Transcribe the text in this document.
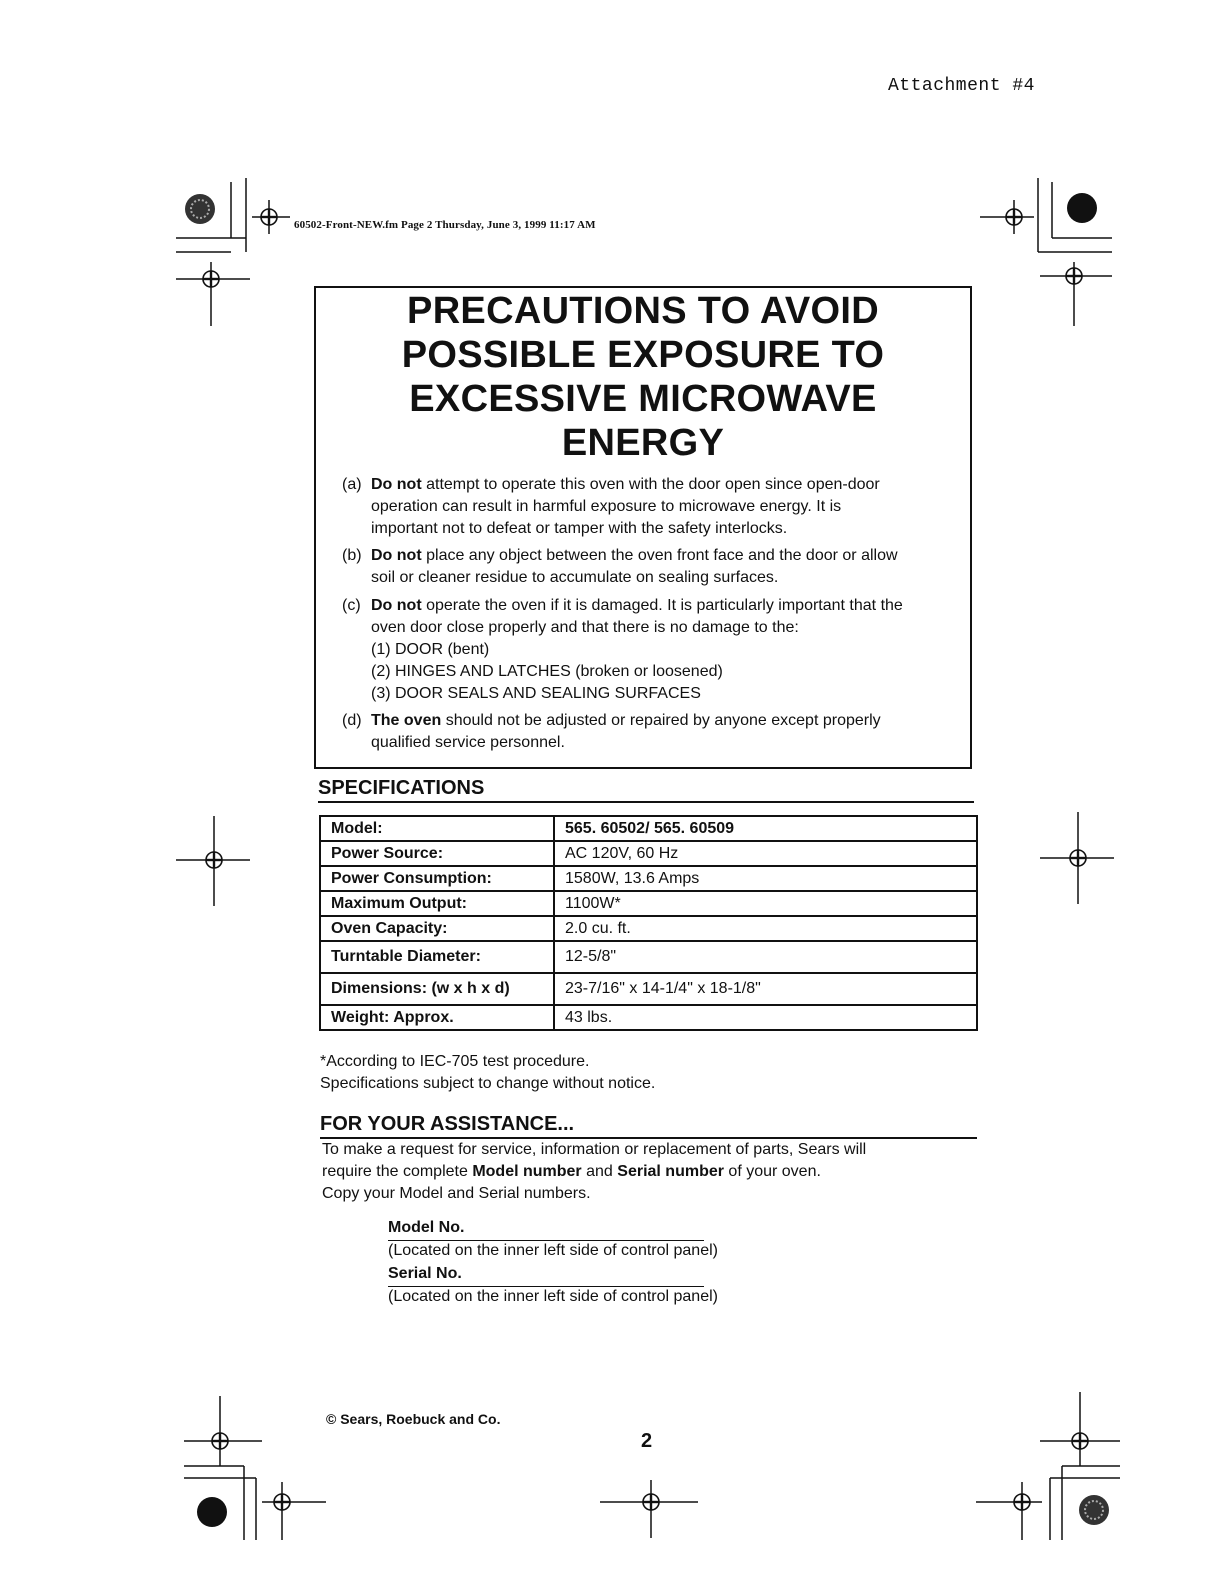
Attachment #4
60502-Front-NEW.fm Page 2 Thursday, June 3, 1999 11:17 AM
PRECAUTIONS TO AVOID
POSSIBLE EXPOSURE TO
EXCESSIVE MICROWAVE
ENERGY
(a) Do not attempt to operate this oven with the door open since open-door
operation can result in harmful exposure to microwave energy. It is
important not to defeat or tamper with the safety interlocks.
(b) Do not place any object between the oven front face and the door or allow
soil or cleaner residue to accumulate on sealing surfaces.
(c) Do not operate the oven if it is damaged. It is particularly important that the
oven door close properly and that there is no damage to the:
(1) DOOR (bent)
(2) HINGES AND LATCHES (broken or loosened)
(3) DOOR SEALS AND SEALING SURFACES
(d) The oven should not be adjusted or repaired by anyone except properly
qualified service personnel.
SPECIFICATIONS
Model:	565. 60502/ 565. 60509
Power Source:	AC 120V, 60 Hz
Power Consumption:	1580W, 13.6 Amps
Maximum Output:	1100W*
Oven Capacity:	2.0 cu. ft.
Turntable Diameter:	12-5/8"
Dimensions: (w x h x d)	23-7/16" x 14-1/4" x 18-1/8"
Weight: Approx.	43 lbs.
*According to IEC-705 test procedure.
Specifications subject to change without notice.
FOR YOUR ASSISTANCE...
To make a request for service, information or replacement of parts, Sears will
require the complete Model number and Serial number of your oven.
Copy your Model and Serial numbers.
Model No.
(Located on the inner left side of control panel)
Serial No.
(Located on the inner left side of control panel)
© Sears, Roebuck and Co.
2
